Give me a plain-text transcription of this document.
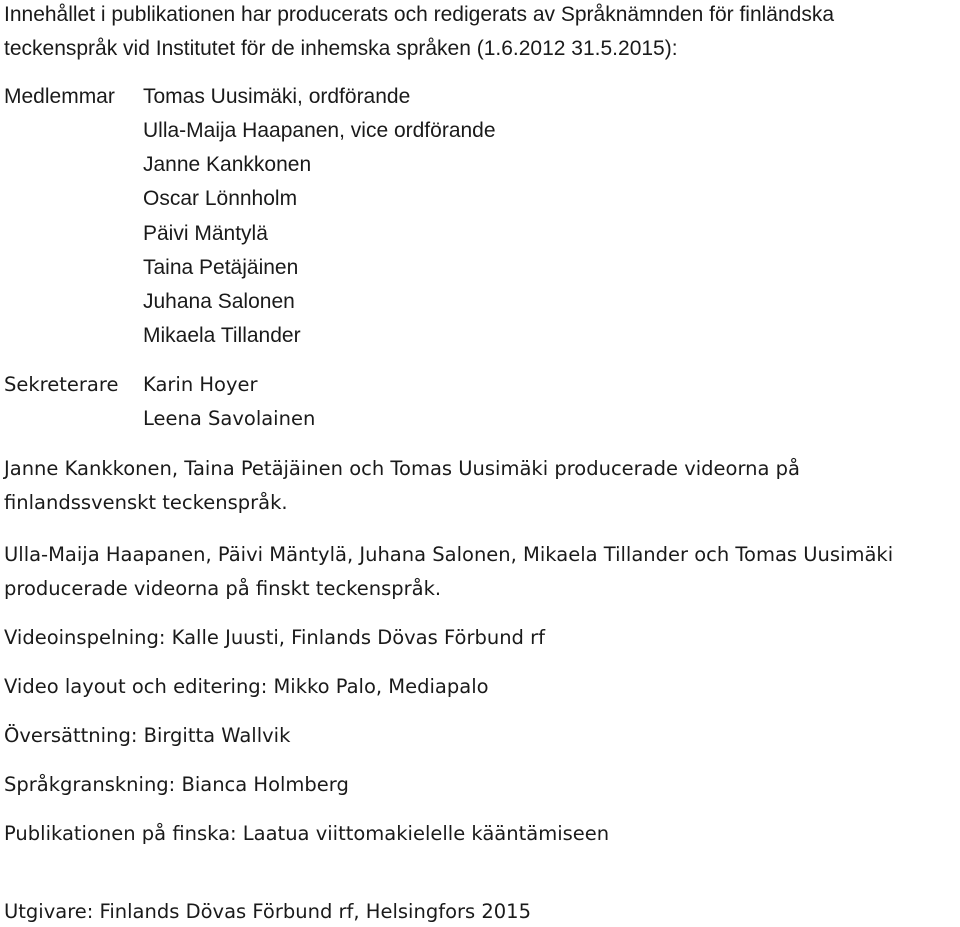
Innehållet i publikationen har producerats och redigerats av Språknämnden för finländska
teckenspråk vid Institutet för de inhemska språken (1.6.2012 31.5.2015):
Medlemmar Tomas Uusimäki, ordförande
Ulla-Maija Haapanen, vice ordförande
Janne Kankkonen
Oscar Lönnholm
Päivi Mäntylä
Taina Petäjäinen
Juhana Salonen
Mikaela Tillander
Sekreterare Karin Hoyer
Leena Savolainen
Janne Kankkonen, Taina Petäjäinen och Tomas Uusimäki producerade videorna på
finlandssvenskt teckenspråk.
Ulla-Maija Haapanen, Päivi Mäntylä, Juhana Salonen, Mikaela Tillander och Tomas Uusimäki
producerade videorna på finskt teckenspråk.
Videoinspelning: Kalle Juusti, Finlands Dövas Förbund rf
Video layout och editering: Mikko Palo, Mediapalo
Översättning: Birgitta Wallvik
Språkgranskning: Bianca Holmberg
Publikationen på finska: Laatua viittomakielelle kääntämiseen
Utgivare: Finlands Dövas Förbund rf, Helsingfors 2015
